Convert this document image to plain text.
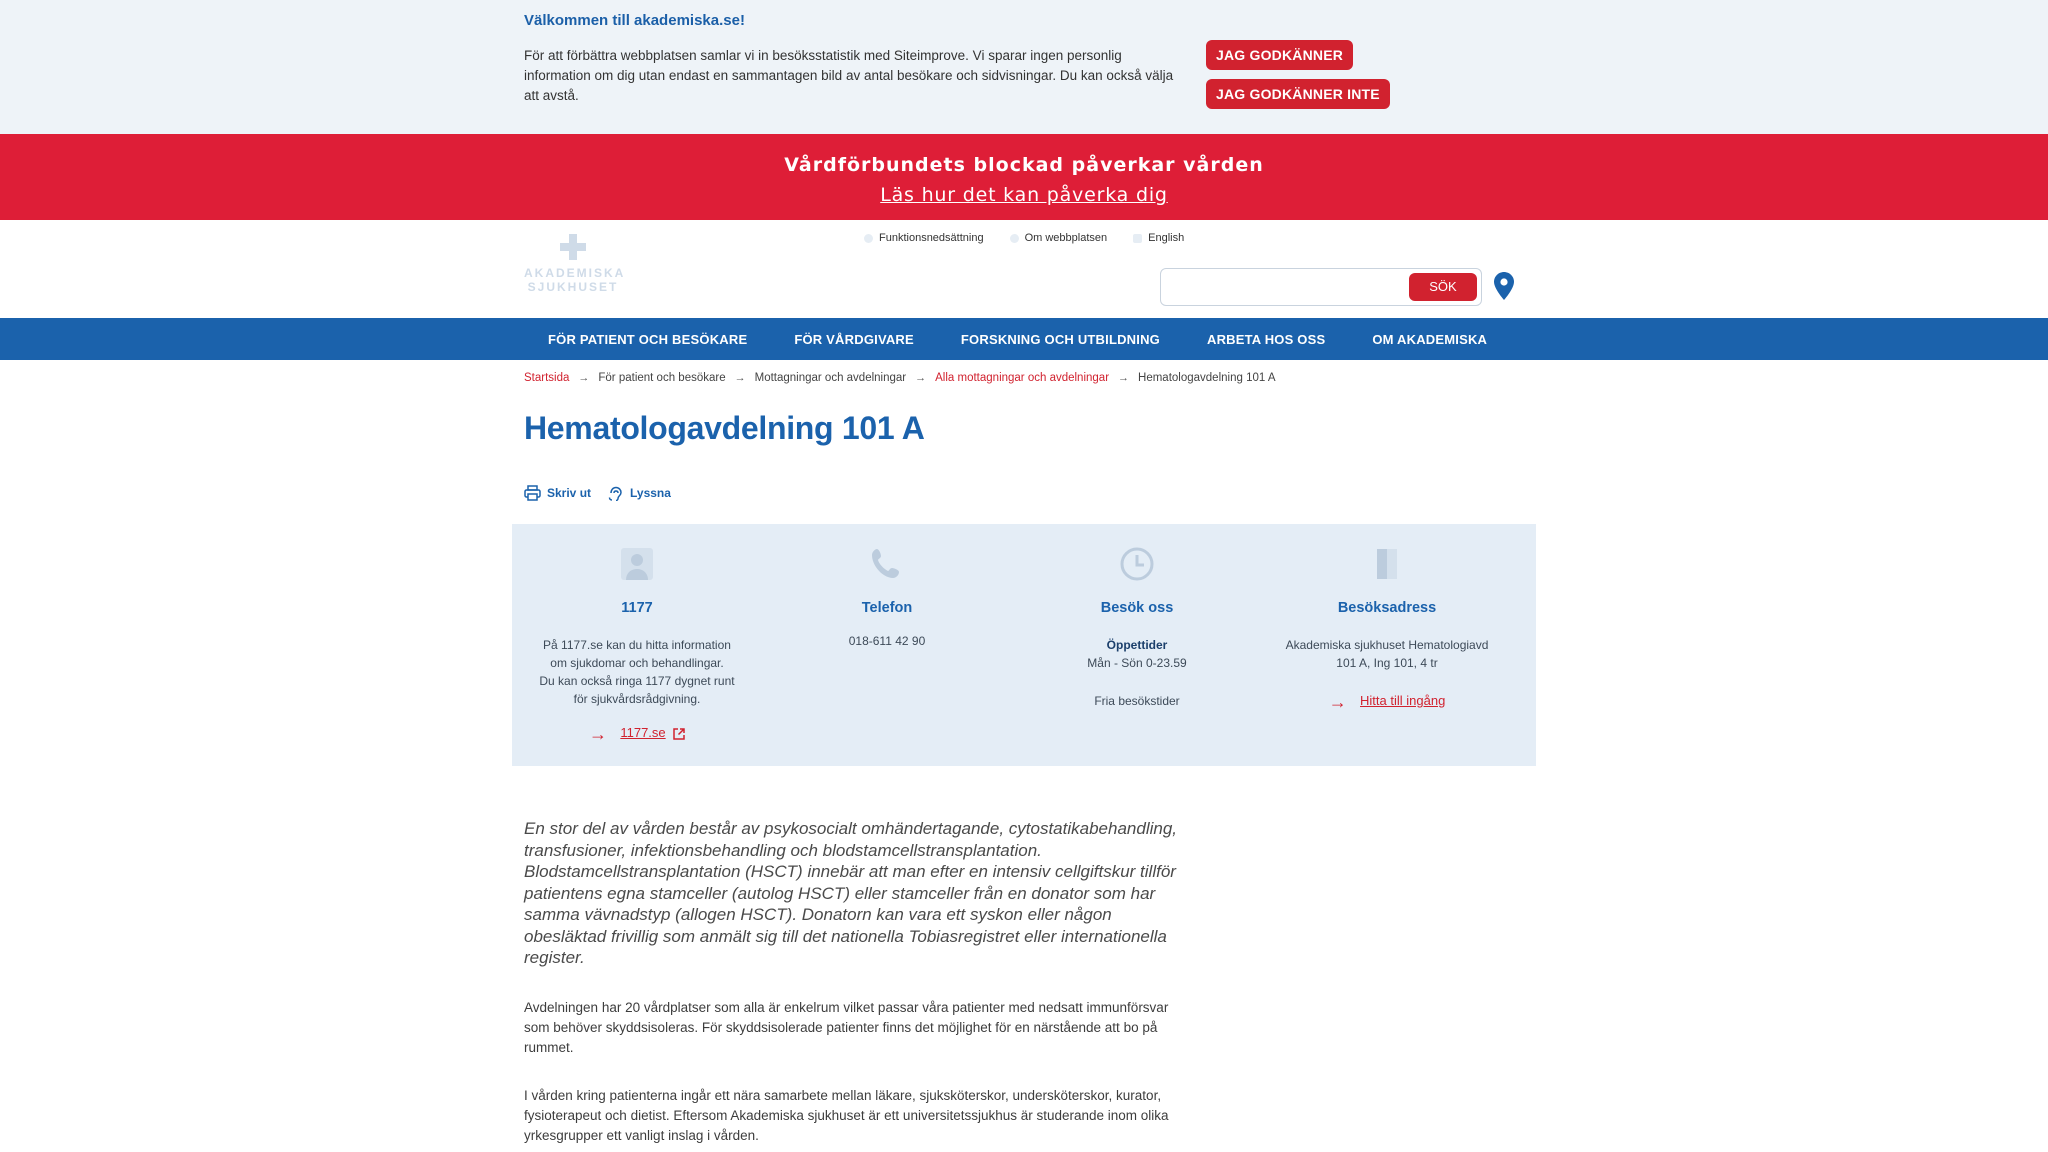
Välkommen till akademiska.se!
För att förbättra webbplatsen samlar vi in besöksstatistik med Siteimprove. Vi sparar ingen personlig information om dig utan endast en sammantagen bild av antal besökare och sidvisningar. Du kan också välja att avstå.
JAG GODKÄNNER
JAG GODKÄNNER INTE
Vårdförbundets blockad påverkar vården
Läs hur det kan påverka dig
AKADEMISKA
SJUKHUSET
Funktionsnedsättning	Om webbplatsen	English
SÖK
FÖR PATIENT OCH BESÖKARE	FÖR VÅRDGIVARE	FORSKNING OCH UTBILDNING	ARBETA HOS OSS	OM AKADEMISKA
Startsida → För patient och besökare → Mottagningar och avdelningar → Alla mottagningar och avdelningar → Hematologavdelning 101 A
Hematologavdelning 101 A
Skriv ut	Lyssna
1177
På 1177.se kan du hitta information
om sjukdomar och behandlingar.
Du kan också ringa 1177 dygnet runt
för sjukvårdsrådgivning.
→ 1177.se
Telefon
018-611 42 90
Besök oss
Öppettider
Mån - Sön 0-23.59
Fria besökstider
Besöksadress
Akademiska sjukhuset Hematologiavd
101 A, Ing 101, 4 tr
→ Hitta till ingång
En stor del av vården består av psykosocialt omhändertagande, cytostatikabehandling, transfusioner, infektionsbehandling och blodstamcellstransplantation. Blodstamcellstransplantation (HSCT) innebär att man efter en intensiv cellgiftskur tillför patientens egna stamceller (autolog HSCT) eller stamceller från en donator som har samma vävnadstyp (allogen HSCT). Donatorn kan vara ett syskon eller någon obesläktad frivillig som anmält sig till det nationella Tobiasregistret eller internationella register.
Avdelningen har 20 vårdplatser som alla är enkelrum vilket passar våra patienter med nedsatt immunförsvar som behöver skyddsisoleras. För skyddsisolerade patienter finns det möjlighet för en närstående att bo på rummet.
I vården kring patienterna ingår ett nära samarbete mellan läkare, sjuksköterskor, undersköterskor, kurator, fysioterapeut och dietist. Eftersom Akademiska sjukhuset är ett universitetssjukhus är studerande inom olika yrkesgrupper ett vanligt inslag i vården.
